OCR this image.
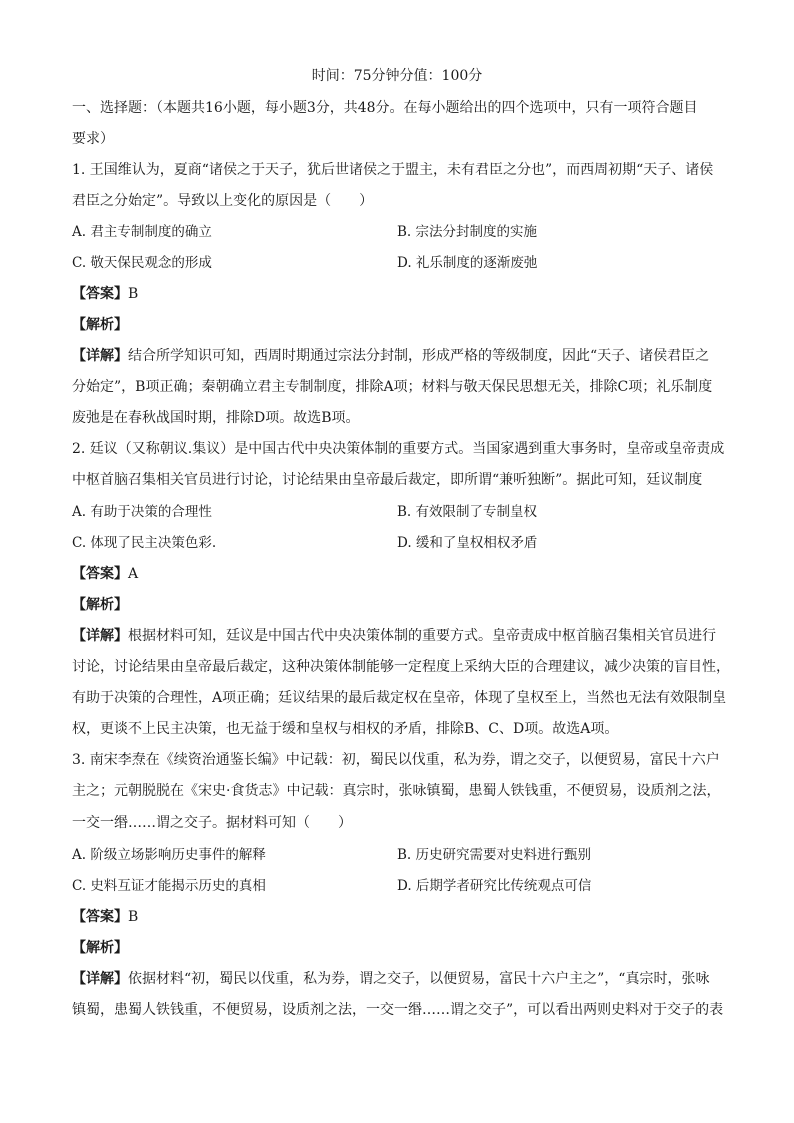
时间：75分钟分值：100分
一、选择题：（本题共16小题，每小题3分，共48分。在每小题给出的四个选项中，只有一项符合题目
要求）
1. 王国维认为，夏商“诸侯之于天子，犹后世诸侯之于盟主，未有君臣之分也”，而西周初期“天子、诸侯
君臣之分始定”。导致以上变化的原因是（　　）
A. 君主专制制度的确立	B. 宗法分封制度的实施
C. 敬天保民观念的形成	D. 礼乐制度的逐渐废弛
【答案】B
【解析】
【详解】结合所学知识可知，西周时期通过宗法分封制，形成严格的等级制度，因此“天子、诸侯君臣之
分始定”，B项正确；秦朝确立君主专制制度，排除A项；材料与敬天保民思想无关，排除C项；礼乐制度
废弛是在春秋战国时期，排除D项。故选B项。
2. 廷议（又称朝议.集议）是中国古代中央决策体制的重要方式。当国家遇到重大事务时，皇帝或皇帝责成
中枢首脑召集相关官员进行讨论，讨论结果由皇帝最后裁定，即所谓“兼听独断”。据此可知，廷议制度
A. 有助于决策的合理性	B. 有效限制了专制皇权
C. 体现了民主决策色彩.	D. 缓和了皇权相权矛盾
【答案】A
【解析】
【详解】根据材料可知，廷议是中国古代中央决策体制的重要方式。皇帝责成中枢首脑召集相关官员进行
讨论，讨论结果由皇帝最后裁定，这种决策体制能够一定程度上采纳大臣的合理建议，减少决策的盲目性，
有助于决策的合理性，A项正确；廷议结果的最后裁定权在皇帝，体现了皇权至上，当然也无法有效限制皇
权，更谈不上民主决策，也无益于缓和皇权与相权的矛盾，排除B、C、D项。故选A项。
3. 南宋李焘在《续资治通鉴长编》中记载：初，蜀民以伐重，私为券，谓之交子，以便贸易，富民十六户
主之；元朝脱脱在《宋史·食货志》中记载：真宗时，张咏镇蜀，患蜀人铁钱重，不便贸易，设质剂之法，
一交一缗……谓之交子。据材料可知（　　）
A. 阶级立场影响历史事件的解释	B. 历史研究需要对史料进行甄别
C. 史料互证才能揭示历史的真相	D. 后期学者研究比传统观点可信
【答案】B
【解析】
【详解】依据材料“初，蜀民以伐重，私为券，谓之交子，以便贸易，富民十六户主之”，“真宗时，张咏
镇蜀，患蜀人铁钱重，不便贸易，设质剂之法，一交一缗……谓之交子”，可以看出两则史料对于交子的表
